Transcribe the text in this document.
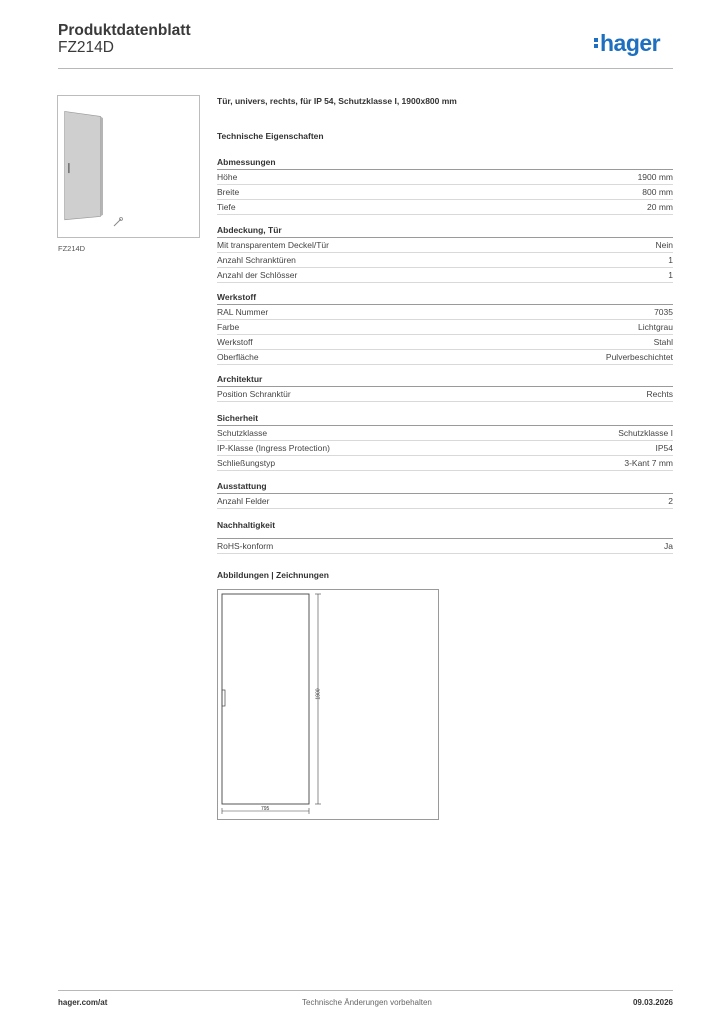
Produktdatenblatt
FZ214D	hager
FZ214D
Tür, univers, rechts, für IP 54, Schutzklasse I, 1900x800 mm
Technische Eigenschaften
Abmessungen
Höhe	1900 mm
Breite	800 mm
Tiefe	20 mm
Abdeckung, Tür
Mit transparentem Deckel/Tür	Nein
Anzahl Schranktüren	1
Anzahl der Schlösser	1
Werkstoff
RAL Nummer	7035
Farbe	Lichtgrau
Werkstoff	Stahl
Oberfläche	Pulverbeschichtet
Architektur
Position Schranktür	Rechts
Sicherheit
Schutzklasse	Schutzklasse I
IP-Klasse (Ingress Protection)	IP54
Schließungstyp	3-Kant 7 mm
Ausstattung
Anzahl Felder	2
Nachhaltigkeit
RoHS-konform	Ja
Abbildungen | Zeichnungen
1900
795
hager.com/at	Technische Änderungen vorbehalten	09.03.2026
